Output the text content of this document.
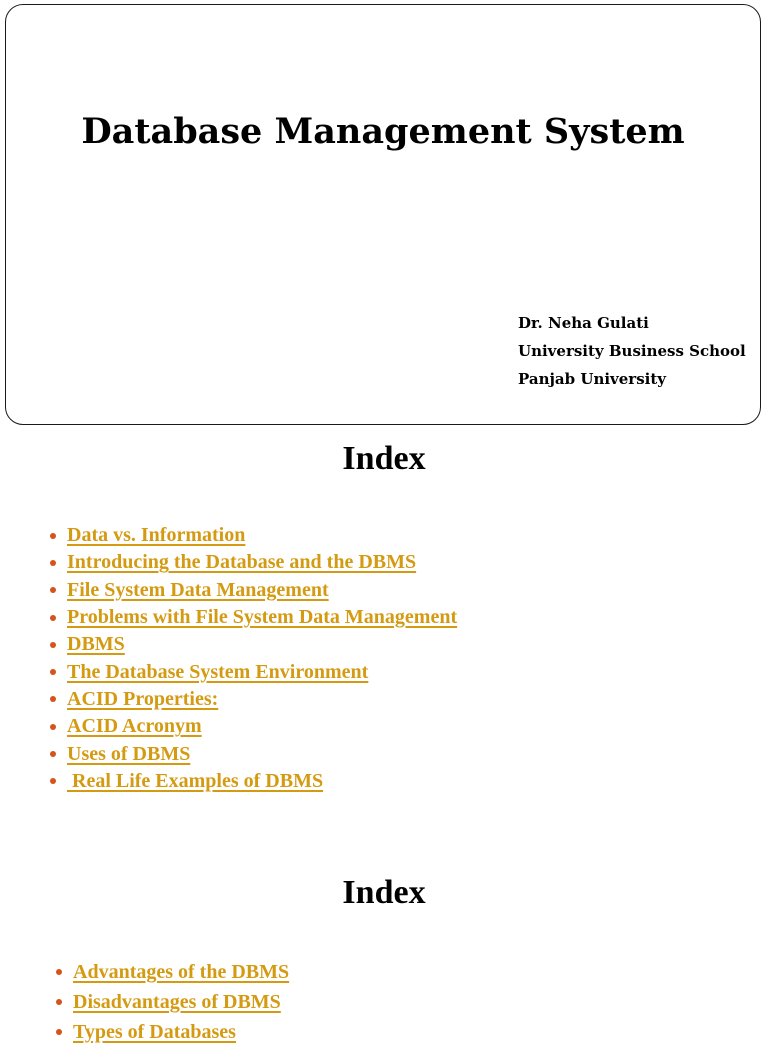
Database Management System
Dr. Neha Gulati
University Business School
Panjab University
Index
Data vs. Information
Introducing the Database and the DBMS
File System Data Management
Problems with File System Data Management
DBMS
The Database System Environment
ACID Properties:
ACID Acronym
Uses of DBMS
Real Life Examples of DBMS
Index
Advantages of the DBMS
Disadvantages of DBMS
Types of Databases
